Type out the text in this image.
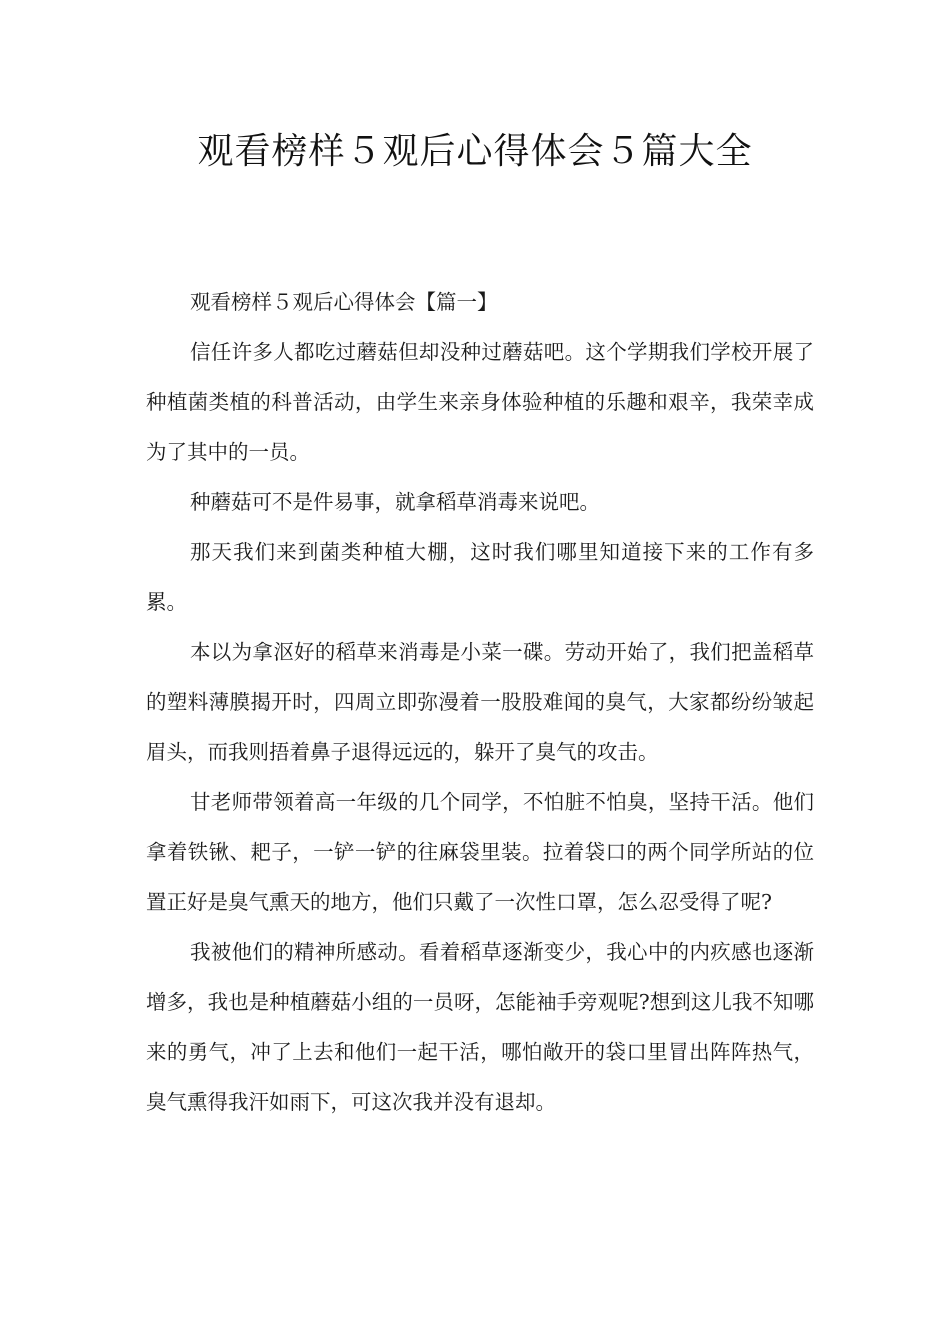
观看榜样５观后心得体会５篇大全

观看榜样５观后心得体会【篇一】

信任许多人都吃过蘑菇但却没种过蘑菇吧。这个学期我们学校开展了种植菌类植的科普活动，由学生来亲身体验种植的乐趣和艰辛，我荣幸成为了其中的一员。

种蘑菇可不是件易事，就拿稻草消毒来说吧。

那天我们来到菌类种植大棚，这时我们哪里知道接下来的工作有多累。

本以为拿沤好的稻草来消毒是小菜一碟。劳动开始了，我们把盖稻草的塑料薄膜揭开时，四周立即弥漫着一股股难闻的臭气，大家都纷纷皱起眉头，而我则捂着鼻子退得远远的，躲开了臭气的攻击。

甘老师带领着高一年级的几个同学，不怕脏不怕臭，坚持干活。他们拿着铁锹、耙子，一铲一铲的往麻袋里装。拉着袋口的两个同学所站的位置正好是臭气熏天的地方，他们只戴了一次性口罩，怎么忍受得了呢?

我被他们的精神所感动。看着稻草逐渐变少，我心中的内疚感也逐渐增多，我也是种植蘑菇小组的一员呀，怎能袖手旁观呢?想到这儿我不知哪来的勇气，冲了上去和他们一起干活，哪怕敞开的袋口里冒出阵阵热气，臭气熏得我汗如雨下，可这次我并没有退却。
